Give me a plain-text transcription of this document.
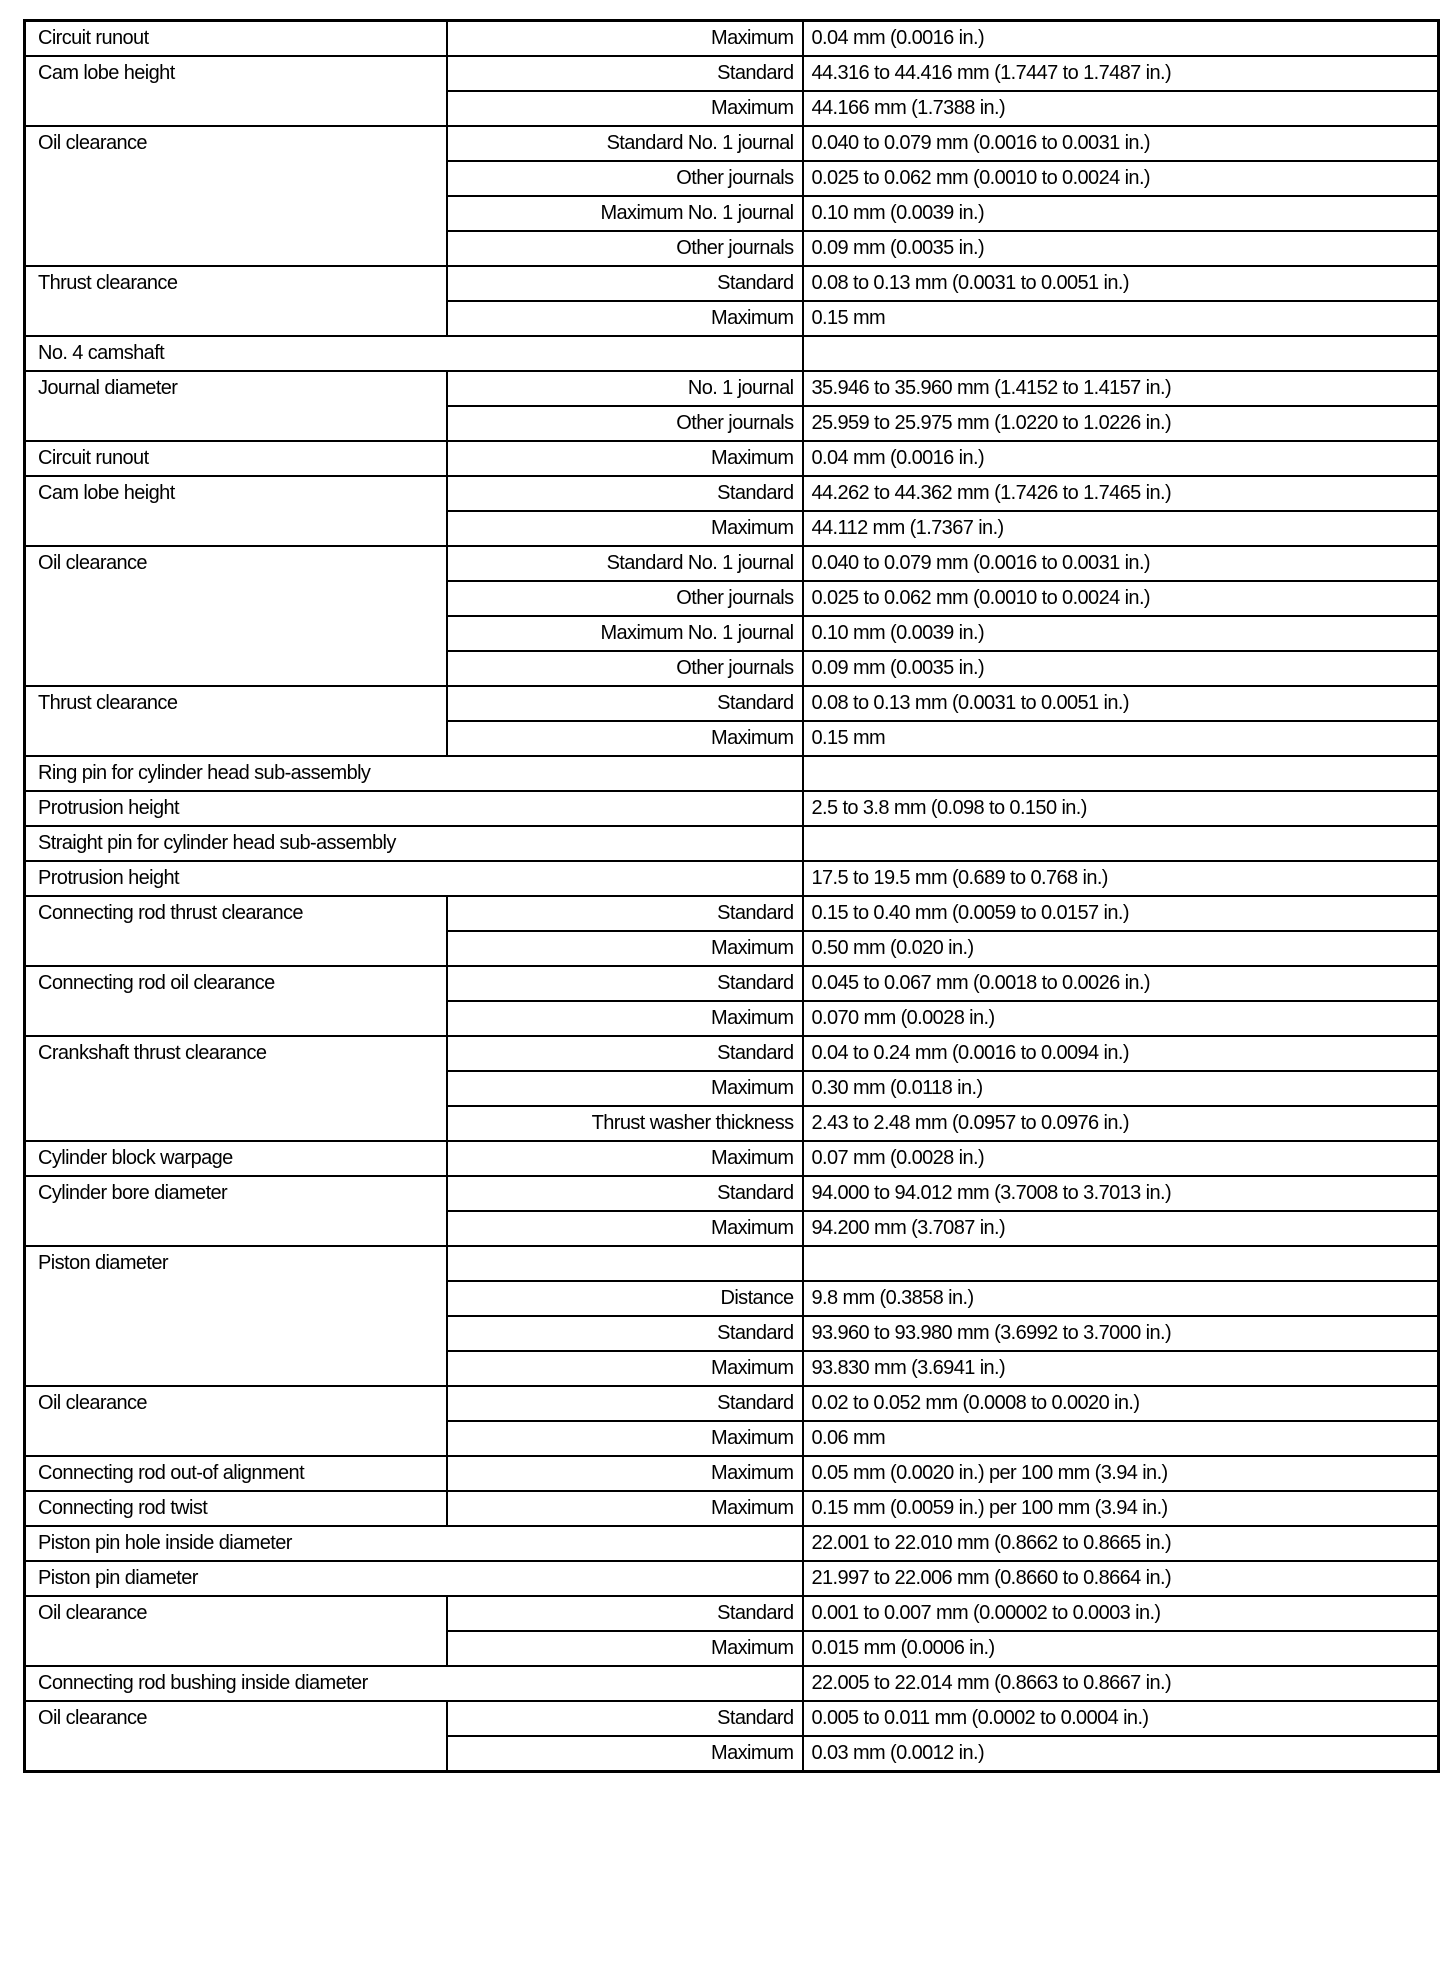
Circuit runout	Maximum	0.04 mm (0.0016 in.)
Cam lobe height	Standard	44.316 to 44.416 mm (1.7447 to 1.7487 in.)
	Maximum	44.166 mm (1.7388 in.)
Oil clearance	Standard No. 1 journal	0.040 to 0.079 mm (0.0016 to 0.0031 in.)
	Other journals	0.025 to 0.062 mm (0.0010 to 0.0024 in.)
	Maximum No. 1 journal	0.10 mm (0.0039 in.)
	Other journals	0.09 mm (0.0035 in.)
Thrust clearance	Standard	0.08 to 0.13 mm (0.0031 to 0.0051 in.)
	Maximum	0.15 mm
No. 4 camshaft		
Journal diameter	No. 1 journal	35.946 to 35.960 mm (1.4152 to 1.4157 in.)
	Other journals	25.959 to 25.975 mm (1.0220 to 1.0226 in.)
Circuit runout	Maximum	0.04 mm (0.0016 in.)
Cam lobe height	Standard	44.262 to 44.362 mm (1.7426 to 1.7465 in.)
	Maximum	44.112 mm (1.7367 in.)
Oil clearance	Standard No. 1 journal	0.040 to 0.079 mm (0.0016 to 0.0031 in.)
	Other journals	0.025 to 0.062 mm (0.0010 to 0.0024 in.)
	Maximum No. 1 journal	0.10 mm (0.0039 in.)
	Other journals	0.09 mm (0.0035 in.)
Thrust clearance	Standard	0.08 to 0.13 mm (0.0031 to 0.0051 in.)
	Maximum	0.15 mm
Ring pin for cylinder head sub-assembly		
Protrusion height		2.5 to 3.8 mm (0.098 to 0.150 in.)
Straight pin for cylinder head sub-assembly		
Protrusion height		17.5 to 19.5 mm (0.689 to 0.768 in.)
Connecting rod thrust clearance	Standard	0.15 to 0.40 mm (0.0059 to 0.0157 in.)
	Maximum	0.50 mm (0.020 in.)
Connecting rod oil clearance	Standard	0.045 to 0.067 mm (0.0018 to 0.0026 in.)
	Maximum	0.070 mm (0.0028 in.)
Crankshaft thrust clearance	Standard	0.04 to 0.24 mm (0.0016 to 0.0094 in.)
	Maximum	0.30 mm (0.0118 in.)
	Thrust washer thickness	2.43 to 2.48 mm (0.0957 to 0.0976 in.)
Cylinder block warpage	Maximum	0.07 mm (0.0028 in.)
Cylinder bore diameter	Standard	94.000 to 94.012 mm (3.7008 to 3.7013 in.)
	Maximum	94.200 mm (3.7087 in.)
Piston diameter		
	Distance	9.8 mm (0.3858 in.)
	Standard	93.960 to 93.980 mm (3.6992 to 3.7000 in.)
	Maximum	93.830 mm (3.6941 in.)
Oil clearance	Standard	0.02 to 0.052 mm (0.0008 to 0.0020 in.)
	Maximum	0.06 mm
Connecting rod out-of alignment	Maximum	0.05 mm (0.0020 in.) per 100 mm (3.94 in.)
Connecting rod twist	Maximum	0.15 mm (0.0059 in.) per 100 mm (3.94 in.)
Piston pin hole inside diameter		22.001 to 22.010 mm (0.8662 to 0.8665 in.)
Piston pin diameter		21.997 to 22.006 mm (0.8660 to 0.8664 in.)
Oil clearance	Standard	0.001 to 0.007 mm (0.00002 to 0.0003 in.)
	Maximum	0.015 mm (0.0006 in.)
Connecting rod bushing inside diameter		22.005 to 22.014 mm (0.8663 to 0.8667 in.)
Oil clearance	Standard	0.005 to 0.011 mm (0.0002 to 0.0004 in.)
	Maximum	0.03 mm (0.0012 in.)
